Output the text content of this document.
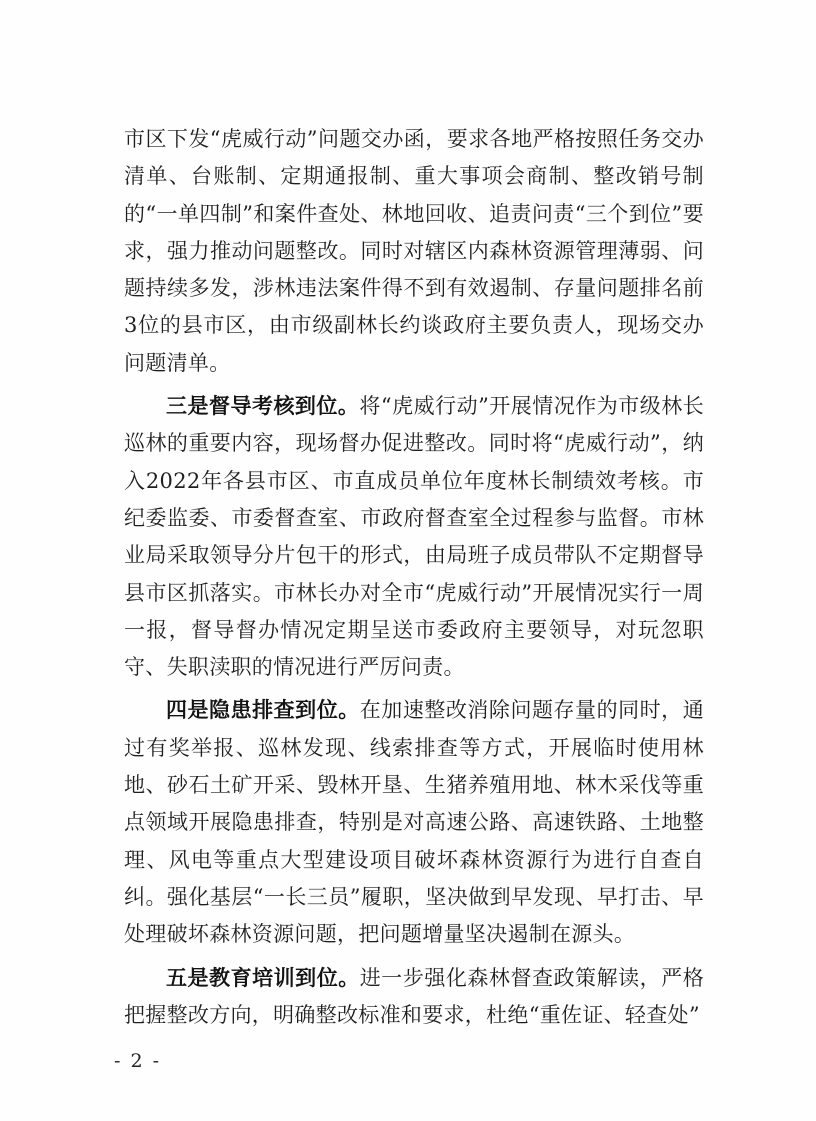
市区下发“虎威行动”问题交办函，要求各地严格按照任务交办清单、台账制、定期通报制、重大事项会商制、整改销号制的“一单四制”和案件查处、林地回收、追责问责“三个到位”要求，强力推动问题整改。同时对辖区内森林资源管理薄弱、问题持续多发，涉林违法案件得不到有效遏制、存量问题排名前3位的县市区，由市级副林长约谈政府主要负责人，现场交办问题清单。

三是督导考核到位。将“虎威行动”开展情况作为市级林长巡林的重要内容，现场督办促进整改。同时将“虎威行动”，纳入2022年各县市区、市直成员单位年度林长制绩效考核。市纪委监委、市委督查室、市政府督查室全过程参与监督。市林业局采取领导分片包干的形式，由局班子成员带队不定期督导县市区抓落实。市林长办对全市“虎威行动”开展情况实行一周一报，督导督办情况定期呈送市委政府主要领导，对玩忽职守、失职渎职的情况进行严厉问责。

四是隐患排查到位。在加速整改消除问题存量的同时，通过有奖举报、巡林发现、线索排查等方式，开展临时使用林地、砂石土矿开采、毁林开垦、生猪养殖用地、林木采伐等重点领域开展隐患排查，特别是对高速公路、高速铁路、土地整理、风电等重点大型建设项目破坏森林资源行为进行自查自纠。强化基层“一长三员”履职，坚决做到早发现、早打击、早处理破坏森林资源问题，把问题增量坚决遏制在源头。

五是教育培训到位。进一步强化森林督查政策解读，严格把握整改方向，明确整改标准和要求，杜绝“重佐证、轻查处”

- 2 -
